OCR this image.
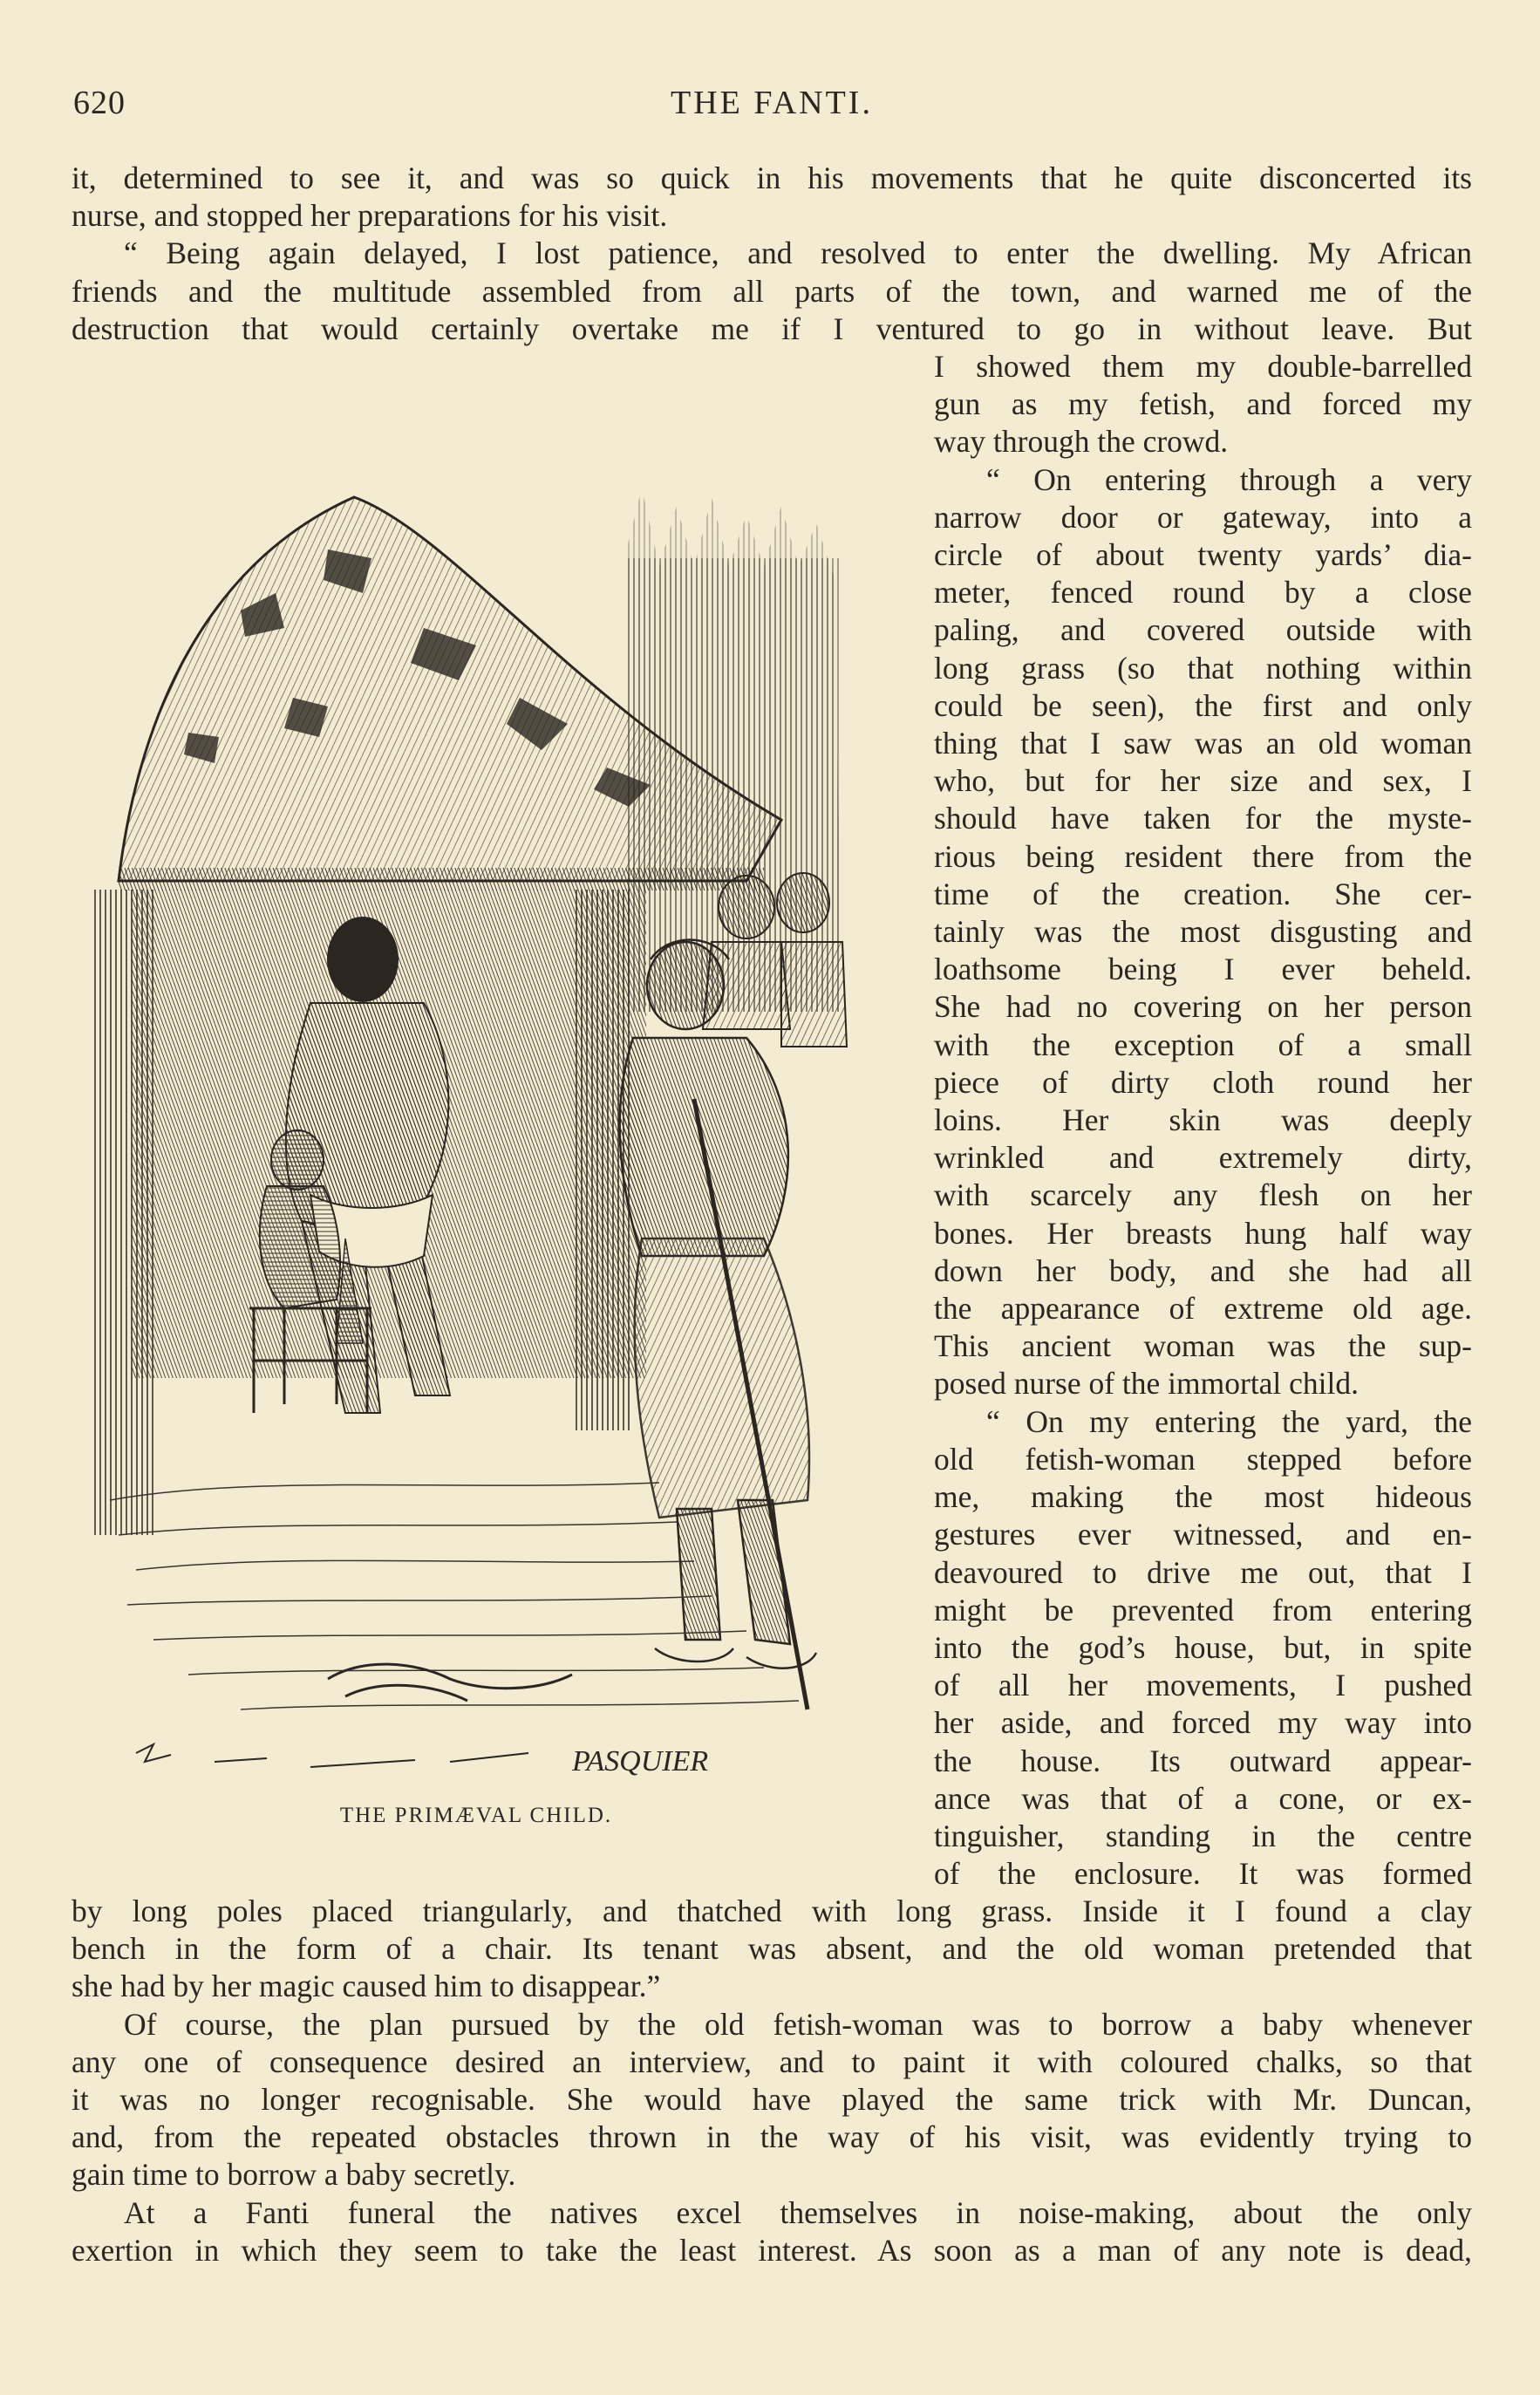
620	THE FANTI.
it, determined to see it, and was so quick in his movements that he quite disconcerted its
nurse, and stopped her preparations for his visit.
“ Being again delayed, I lost patience, and resolved to enter the dwelling. My African
friends and the multitude assembled from all parts of the town, and warned me of the
destruction that would certainly overtake me if I ventured to go in without leave. But
I showed them my double-barrelled
gun as my fetish, and forced my
way through the crowd.
“ On entering through a very
narrow door or gateway, into a
circle of about twenty yards’ dia-
meter, fenced round by a close
paling, and covered outside with
long grass (so that nothing within
could be seen), the first and only
thing that I saw was an old woman
who, but for her size and sex, I
should have taken for the myste-
rious being resident there from the
time of the creation. She cer-
tainly was the most disgusting and
loathsome being I ever beheld.
She had no covering on her person
with the exception of a small
piece of dirty cloth round her
loins. Her skin was deeply
wrinkled and extremely dirty,
with scarcely any flesh on her
bones. Her breasts hung half way
down her body, and she had all
the appearance of extreme old age.
This ancient woman was the sup-
posed nurse of the immortal child.
“ On my entering the yard, the
old fetish-woman stepped before
me, making the most hideous
gestures ever witnessed, and en-
deavoured to drive me out, that I
might be prevented from entering
into the god’s house, but, in spite
of all her movements, I pushed
her aside, and forced my way into
the house. Its outward appear-
ance was that of a cone, or ex-
tinguisher, standing in the centre
of the enclosure. It was formed
PASQUIER
THE PRIMÆVAL CHILD.
by long poles placed triangularly, and thatched with long grass. Inside it I found a clay
bench in the form of a chair. Its tenant was absent, and the old woman pretended that
she had by her magic caused him to disappear.”
Of course, the plan pursued by the old fetish-woman was to borrow a baby whenever
any one of consequence desired an interview, and to paint it with coloured chalks, so that
it was no longer recognisable. She would have played the same trick with Mr. Duncan,
and, from the repeated obstacles thrown in the way of his visit, was evidently trying to
gain time to borrow a baby secretly.
At a Fanti funeral the natives excel themselves in noise-making, about the only
exertion in which they seem to take the least interest. As soon as a man of any note is dead,
